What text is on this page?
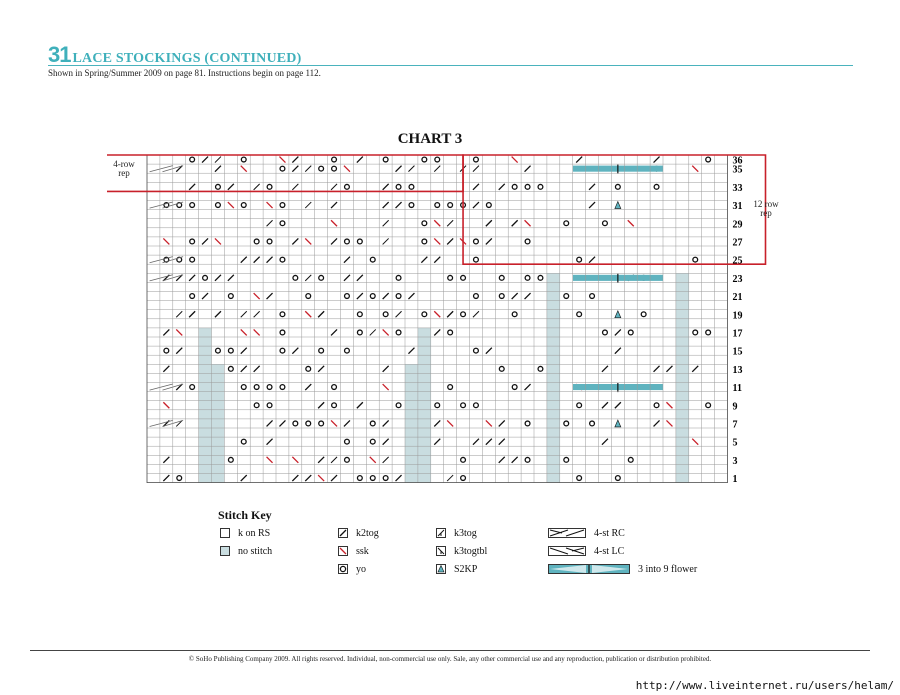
31 LACE STOCKINGS (CONTINUED)
Shown in Spring/Summer 2009 on page 81. Instructions begin on page 112.
CHART 3
36
35
33
31
29
27
25
23
21
19
17
15
13
11
9
7
5
3
1
4-row
rep
12 row
rep
Stitch Key
k on RS
no stitch
k2tog
ssk
yo
k3tog
k3togtbl
S2KP
4-st RC
4-st LC
3 into 9 flower
© SoHo Publishing Company 2009. All rights reserved. Individual, non-commercial use only. Sale, any other commercial use and any reproduction, publication or distribution prohibited.
http://www.liveinternet.ru/users/helam/
